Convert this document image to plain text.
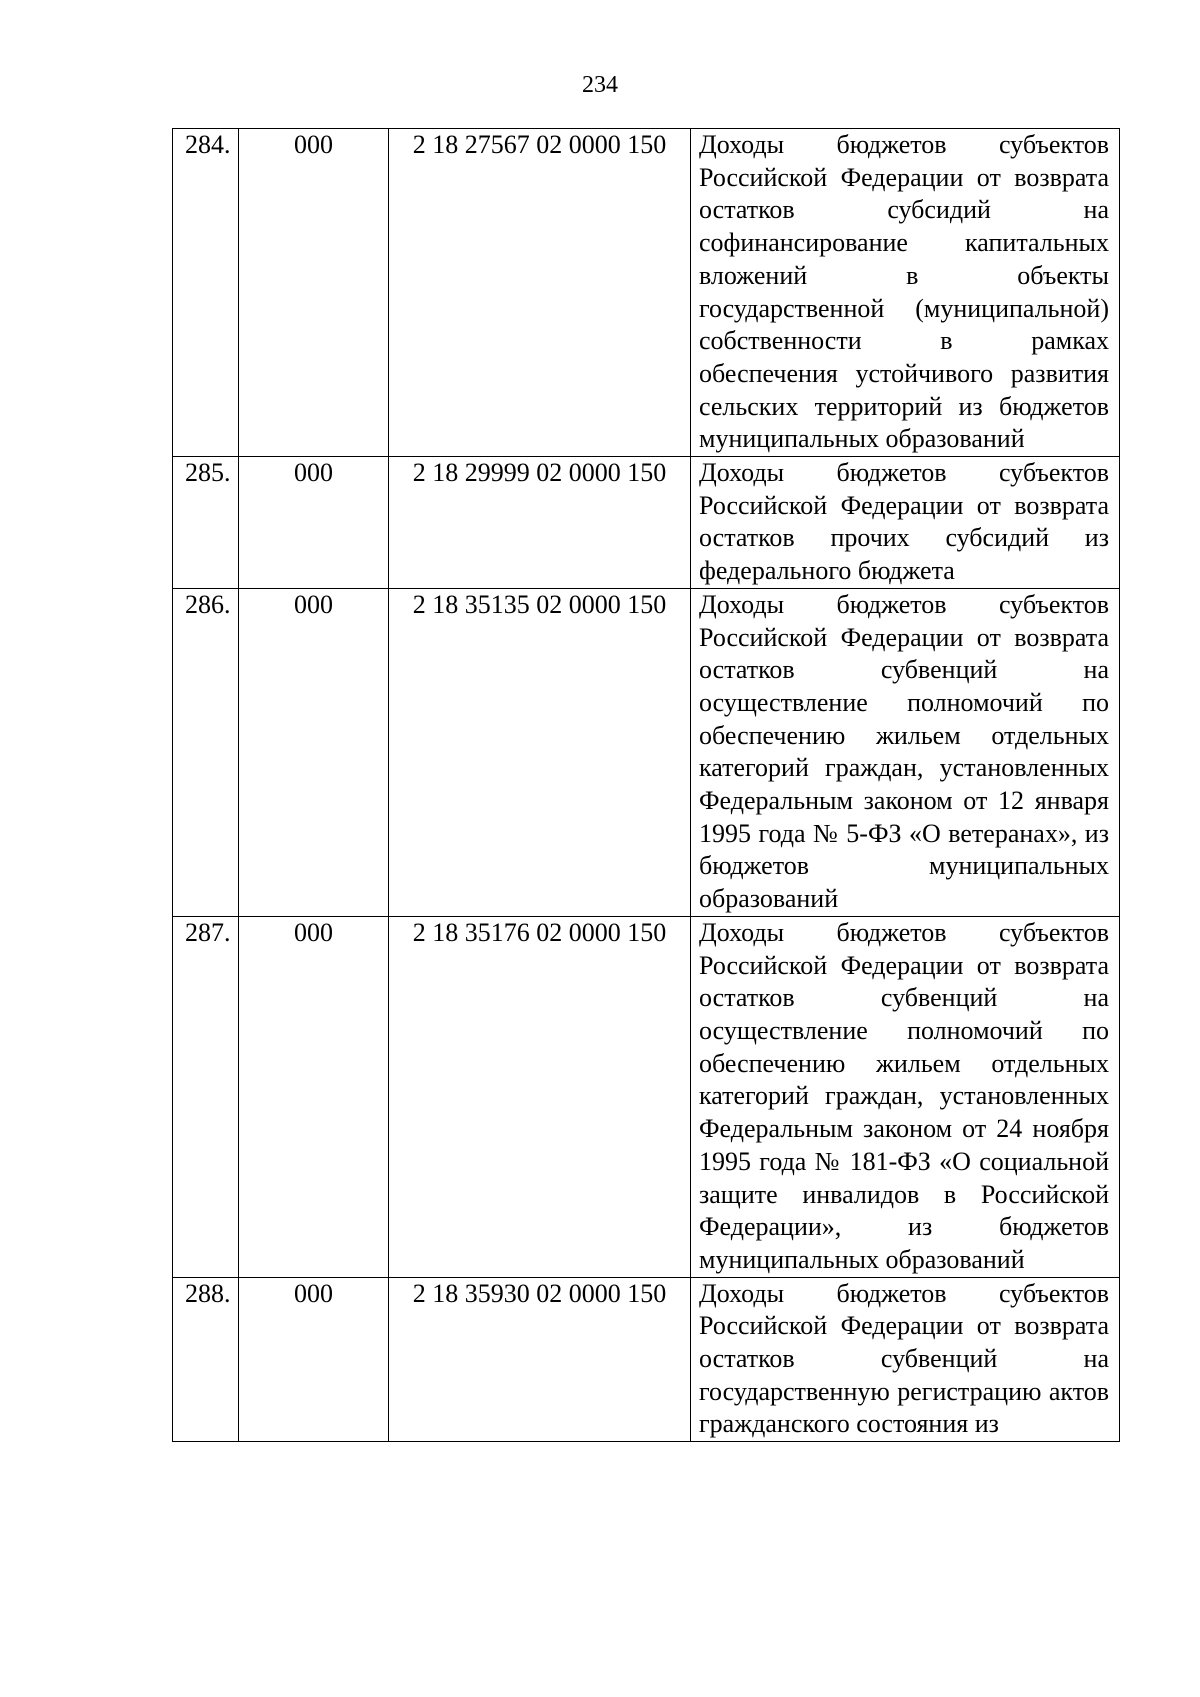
234
284.	000	2 18 27567 02 0000 150	Доходы бюджетов субъектов Российской Федерации от возврата остатков субсидий на софинансирование капитальных вложений в объекты государственной (муниципальной) собственности в рамках обеспечения устойчивого развития сельских территорий из бюджетов муниципальных образований
285.	000	2 18 29999 02 0000 150	Доходы бюджетов субъектов Российской Федерации от возврата остатков прочих субсидий из федерального бюджета
286.	000	2 18 35135 02 0000 150	Доходы бюджетов субъектов Российской Федерации от возврата остатков субвенций на осуществление полномочий по обеспечению жильем отдельных категорий граждан, установленных Федеральным законом от 12 января 1995 года № 5-ФЗ «О ветеранах», из бюджетов муниципальных образований
287.	000	2 18 35176 02 0000 150	Доходы бюджетов субъектов Российской Федерации от возврата остатков субвенций на осуществление полномочий по обеспечению жильем отдельных категорий граждан, установленных Федеральным законом от 24 ноября 1995 года № 181-ФЗ «О социальной защите инвалидов в Российской Федерации», из бюджетов муниципальных образований
288.	000	2 18 35930 02 0000 150	Доходы бюджетов субъектов Российской Федерации от возврата остатков субвенций на государственную регистрацию актов гражданского состояния из
